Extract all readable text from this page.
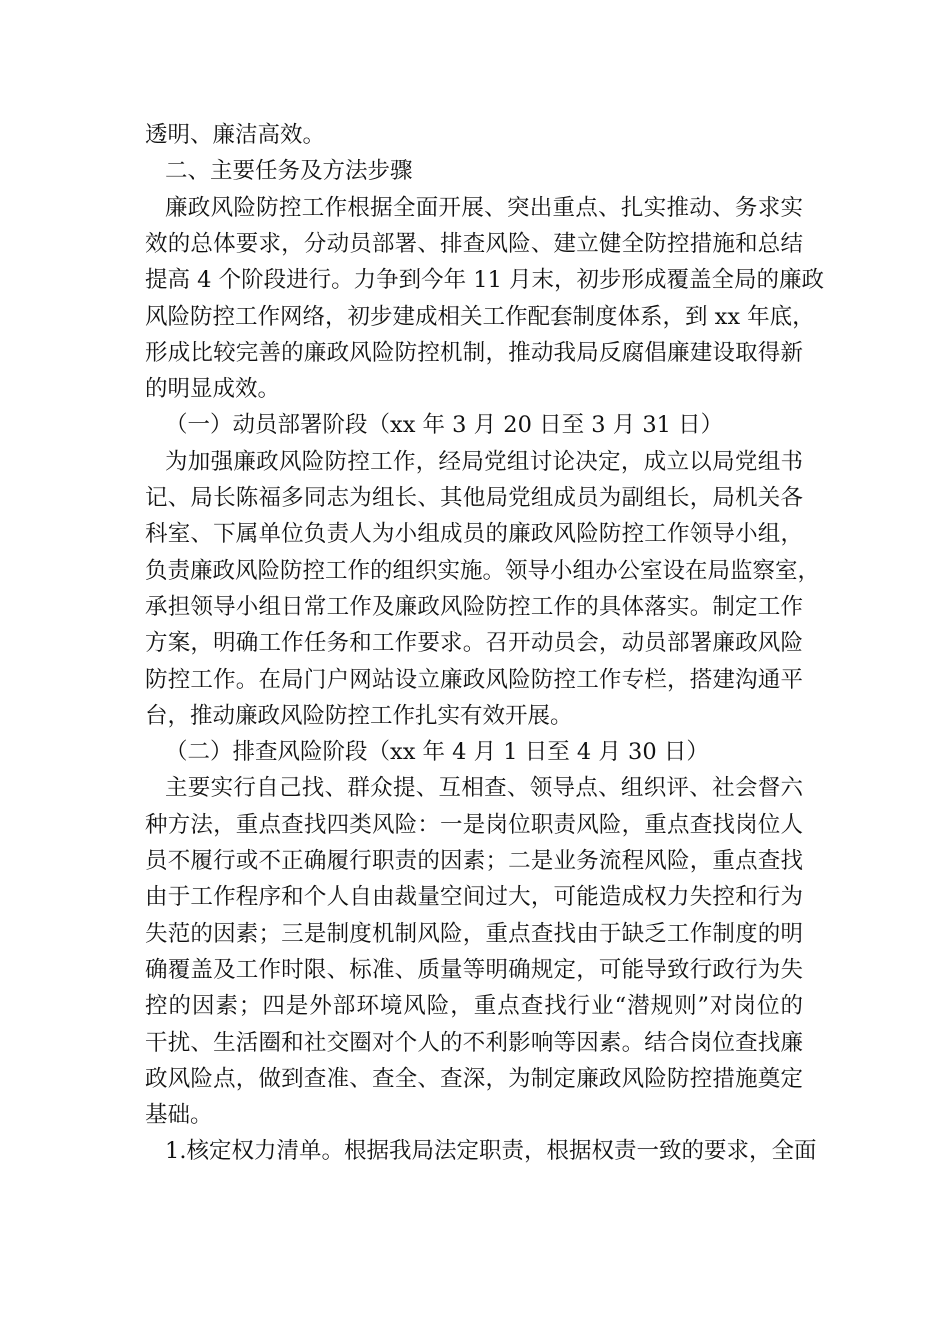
透明、廉洁高效。
二、主要任务及方法步骤
廉政风险防控工作根据全面开展、突出重点、扎实推动、务求实
效的总体要求，分动员部署、排查风险、建立健全防控措施和总结
提高 4 个阶段进行。力争到今年 11 月末，初步形成覆盖全局的廉政
风险防控工作网络，初步建成相关工作配套制度体系，到 xx 年底，
形成比较完善的廉政风险防控机制，推动我局反腐倡廉建设取得新
的明显成效。
（一）动员部署阶段（xx 年 3 月 20 日至 3 月 31 日）
为加强廉政风险防控工作，经局党组讨论决定，成立以局党组书
记、局长陈福多同志为组长、其他局党组成员为副组长，局机关各
科室、下属单位负责人为小组成员的廉政风险防控工作领导小组，
负责廉政风险防控工作的组织实施。领导小组办公室设在局监察室，
承担领导小组日常工作及廉政风险防控工作的具体落实。制定工作
方案，明确工作任务和工作要求。召开动员会，动员部署廉政风险
防控工作。在局门户网站设立廉政风险防控工作专栏，搭建沟通平
台，推动廉政风险防控工作扎实有效开展。
（二）排查风险阶段（xx 年 4 月 1 日至 4 月 30 日）
主要实行自己找、群众提、互相查、领导点、组织评、社会督六
种方法，重点查找四类风险：一是岗位职责风险，重点查找岗位人
员不履行或不正确履行职责的因素；二是业务流程风险，重点查找
由于工作程序和个人自由裁量空间过大，可能造成权力失控和行为
失范的因素；三是制度机制风险，重点查找由于缺乏工作制度的明
确覆盖及工作时限、标准、质量等明确规定，可能导致行政行为失
控的因素；四是外部环境风险，重点查找行业“潜规则”对岗位的
干扰、生活圈和社交圈对个人的不利影响等因素。结合岗位查找廉
政风险点，做到查准、查全、查深，为制定廉政风险防控措施奠定
基础。
1.核定权力清单。根据我局法定职责，根据权责一致的要求，全面
